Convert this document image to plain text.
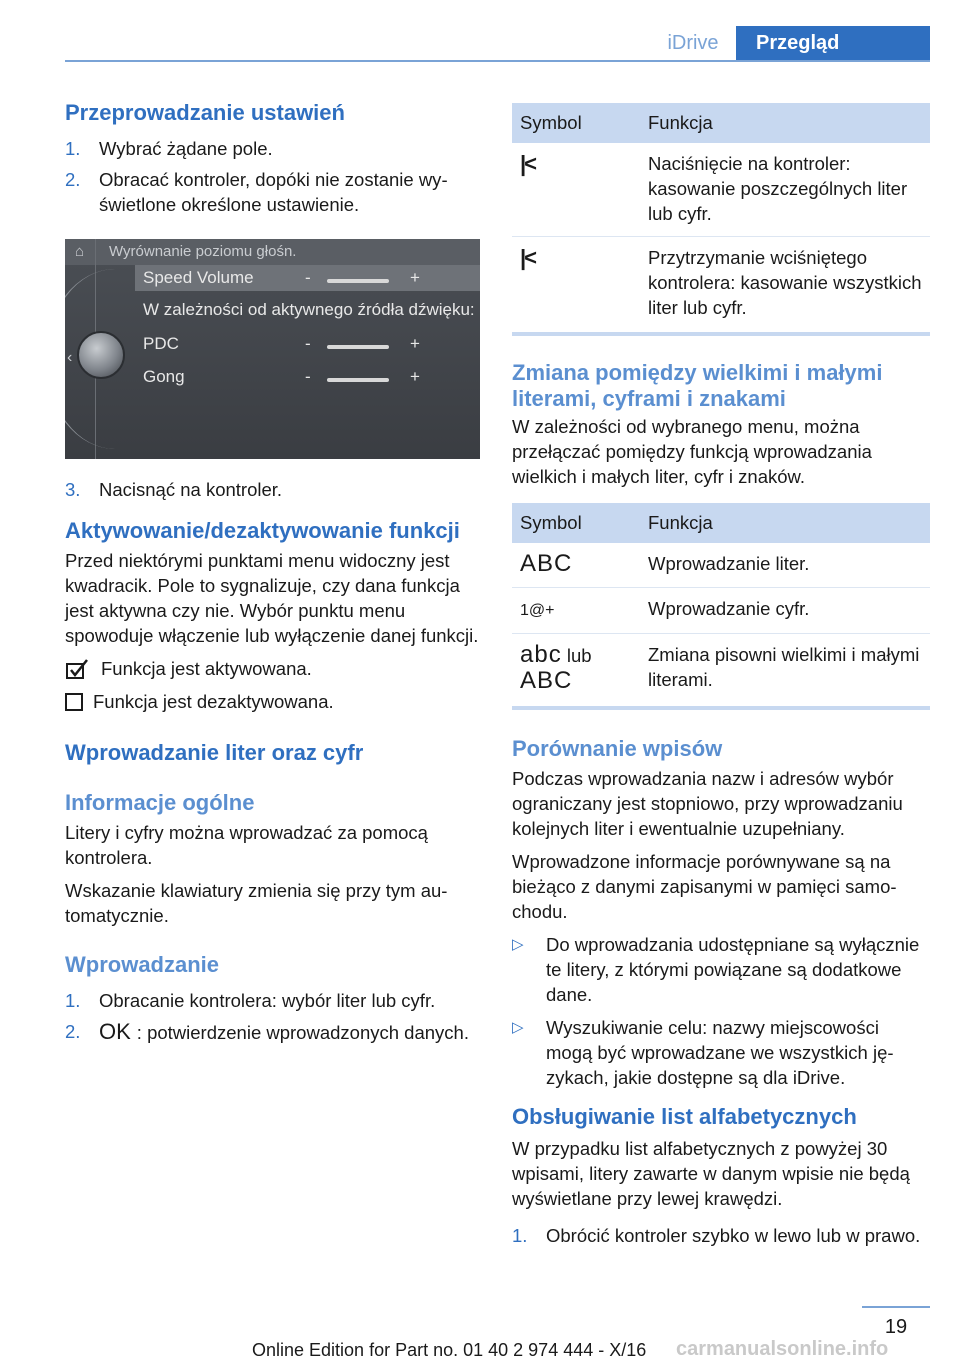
iDrive	Przegląd
Przeprowadzanie ustawień
1. Wybrać żądane pole.
2. Obracać kontroler, dopóki nie zostanie wyświetlone określone ustawienie.
⌂ Wyrównanie poziomu głośn.
‹
Speed Volume	-	+
W zależności od aktywnego źródła dźwięku:
PDC	-	+
Gong	-	+
3. Nacisnąć na kontroler.
Aktywowanie/dezaktywowanie funkcji

Przed niektórymi punktami menu widoczny jest kwadracik. Pole to sygnalizuje, czy dana funkcja jest aktywna czy nie. Wybór punktu menu spowoduje włączenie lub wyłączenie danej funkcji.

Funkcja jest aktywowana.
Funkcja jest dezaktywowana.
Wprowadzanie liter oraz cyfr
Informacje ogólne

Litery i cyfry można wprowadzać za pomocą kontrolera.

Wskazanie klawiatury zmienia się przy tym automatycznie.

Wprowadzanie
1. Obracanie kontrolera: wybór liter lub cyfr.
2. OK : potwierdzenie wprowadzonych danych.
Symbol	Funkcja
|<	Naciśnięcie na kontroler: kasowanie poszczególnych liter lub cyfr.
|<	Przytrzymanie wciśniętego kontrolera: kasowanie wszystkich liter lub cyfr.
Zmiana pomiędzy wielkimi i małymi literami, cyframi i znakami

W zależności od wybranego menu, można przełączać pomiędzy funkcją wprowadzania wielkich i małych liter, cyfr i znaków.

Symbol	Funkcja
ABC	Wprowadzanie liter.
1@+	Wprowadzanie cyfr.
abc lub
ABC	Zmiana pisowni wielkimi i małymi literami.
Porównanie wpisów

Podczas wprowadzania nazw i adresów wybór ograniczany jest stopniowo, przy wprowadzaniu kolejnych liter i ewentualnie uzupełniany.

Wprowadzone informacje porównywane są na bieżąco z danymi zapisanymi w pamięci samochodu.

▷ Do wprowadzania udostępniane są wyłącznie te litery, z którymi powiązane są dodatkowe dane.
▷ Wyszukiwanie celu: nazwy miejscowości mogą być wprowadzane we wszystkich językach, jakie dostępne są dla iDrive.
Obsługiwanie list alfabetycznych

W przypadku list alfabetycznych z powyżej 30 wpisami, litery zawarte w danym wpisie nie będą wyświetlane przy lewej krawędzi.

1. Obrócić kontroler szybko w lewo lub w prawo.
19
Online Edition for Part no. 01 40 2 974 444 - X/16 carmanualsonline.info
